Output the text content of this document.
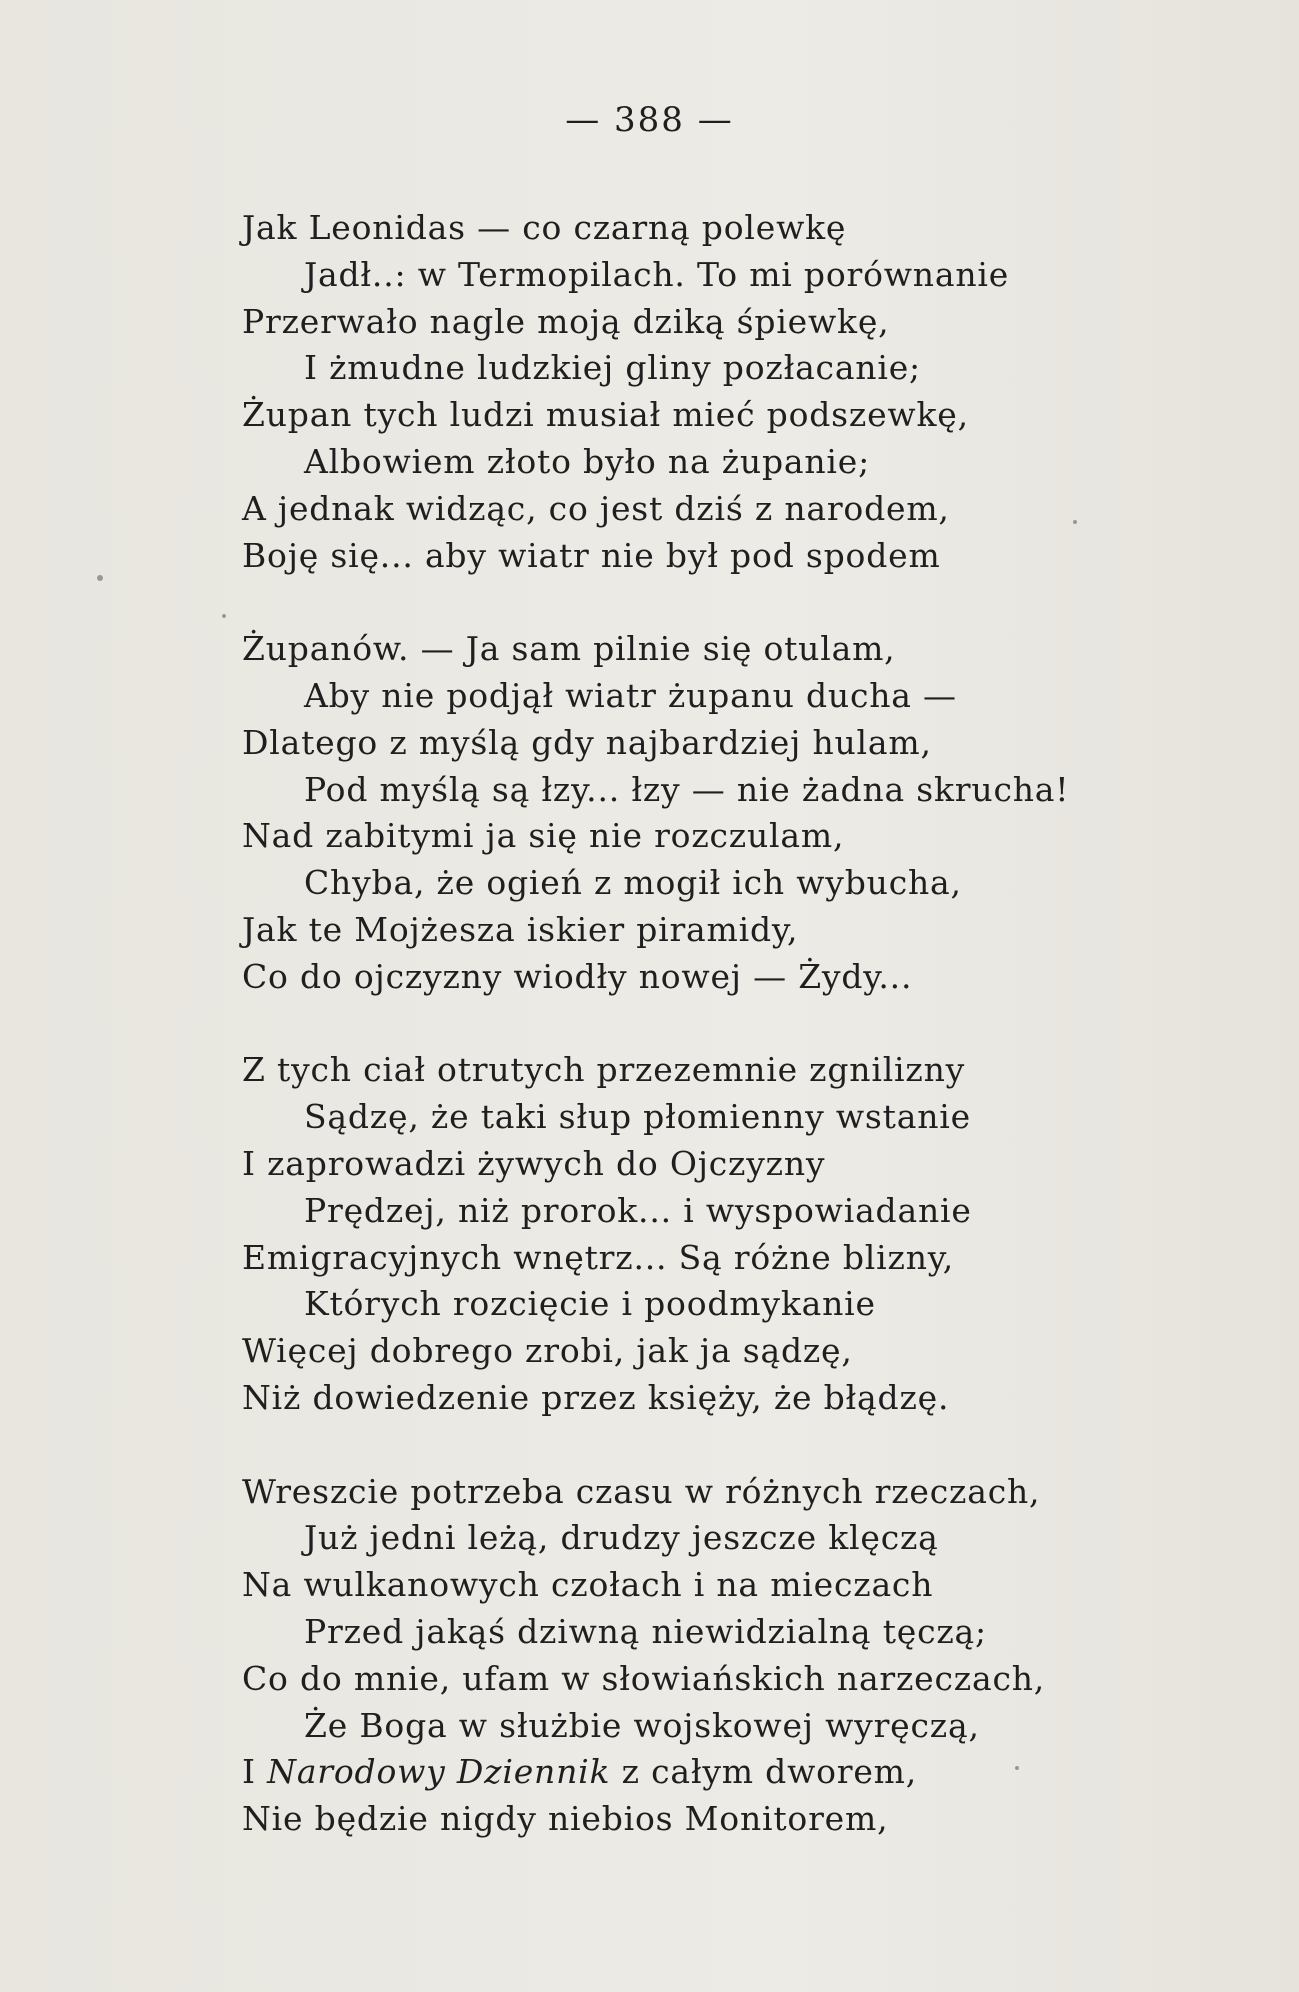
— 388 —
Jak Leonidas — co czarną polewkę
Jadł..: w Termopilach. To mi porównanie
Przerwało nagle moją dziką śpiewkę,
I żmudne ludzkiej gliny pozłacanie;
Żupan tych ludzi musiał mieć podszewkę,
Albowiem złoto było na żupanie;
A jednak widząc, co jest dziś z narodem,
Boję się... aby wiatr nie był pod spodem
Żupanów. — Ja sam pilnie się otulam,
Aby nie podjął wiatr żupanu ducha —
Dlatego z myślą gdy najbardziej hulam,
Pod myślą są łzy... łzy — nie żadna skrucha!
Nad zabitymi ja się nie rozczulam,
Chyba, że ogień z mogił ich wybucha,
Jak te Mojżesza iskier piramidy,
Co do ojczyzny wiodły nowej — Żydy...
Z tych ciał otrutych przezemnie zgnilizny
Sądzę, że taki słup płomienny wstanie
I zaprowadzi żywych do Ojczyzny
Prędzej, niż prorok... i wyspowiadanie
Emigracyjnych wnętrz... Są różne blizny,
Których rozcięcie i poodmykanie
Więcej dobrego zrobi, jak ja sądzę,
Niż dowiedzenie przez księży, że błądzę.
Wreszcie potrzeba czasu w różnych rzeczach,
Już jedni leżą, drudzy jeszcze klęczą
Na wulkanowych czołach i na mieczach
Przed jakąś dziwną niewidzialną tęczą;
Co do mnie, ufam w słowiańskich narzeczach,
Że Boga w służbie wojskowej wyręczą,
I Narodowy Dziennik z całym dworem,
Nie będzie nigdy niebios Monitorem,
